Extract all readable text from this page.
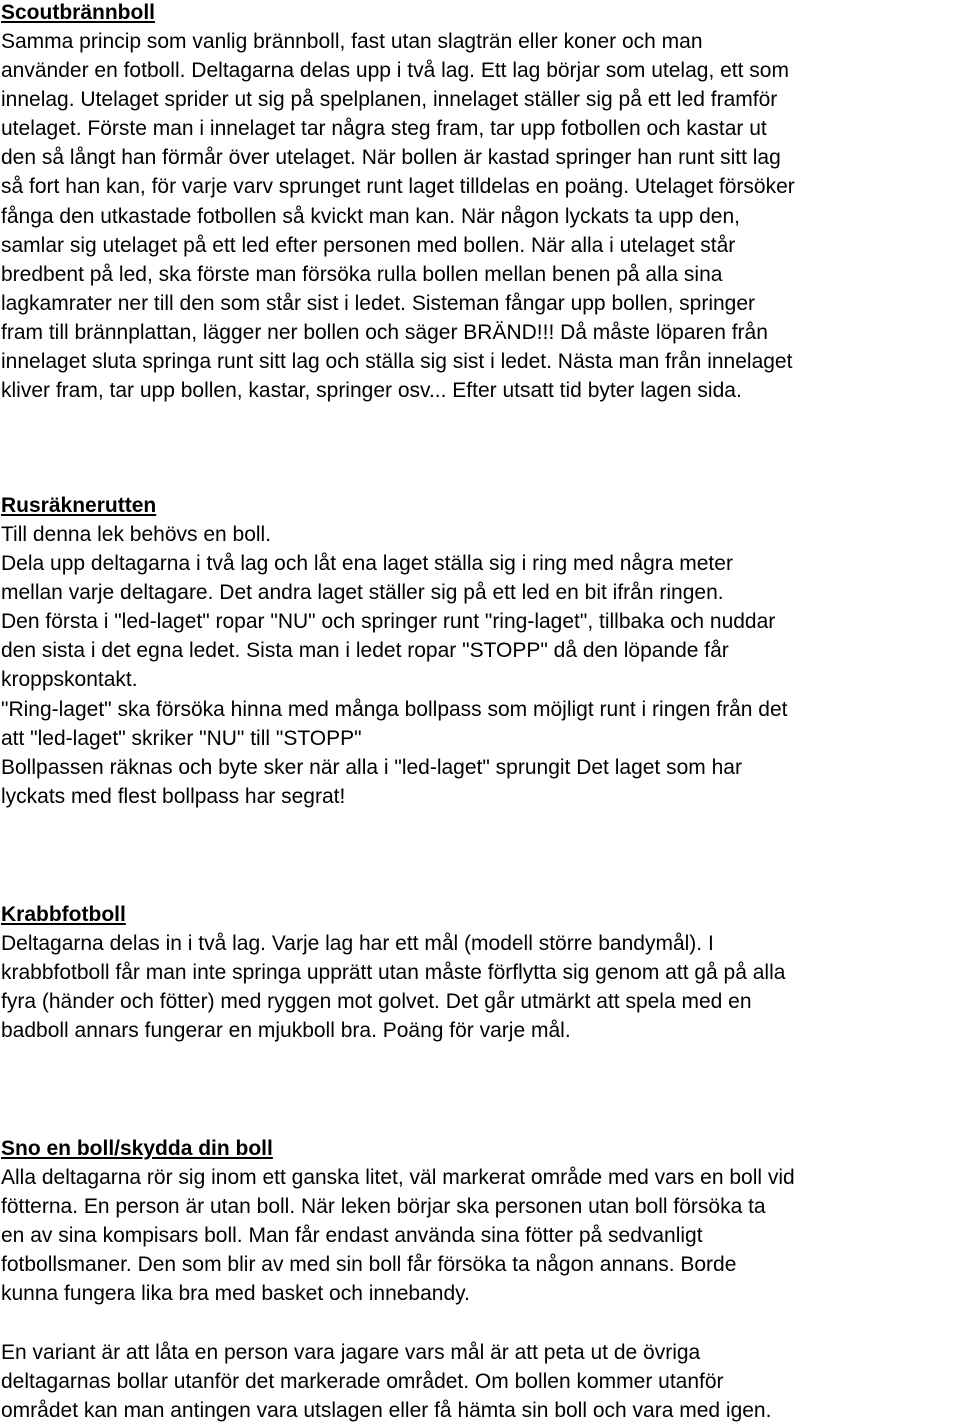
Scoutbrännboll
Samma princip som vanlig brännboll, fast utan slagträn eller koner och man
använder en fotboll. Deltagarna delas upp i två lag. Ett lag börjar som utelag, ett som
innelag. Utelaget sprider ut sig på spelplanen, innelaget ställer sig på ett led framför
utelaget. Förste man i innelaget tar några steg fram, tar upp fotbollen och kastar ut
den så långt han förmår över utelaget. När bollen är kastad springer han runt sitt lag
så fort han kan, för varje varv sprunget runt laget tilldelas en poäng. Utelaget försöker
fånga den utkastade fotbollen så kvickt man kan. När någon lyckats ta upp den,
samlar sig utelaget på ett led efter personen med bollen. När alla i utelaget står
bredbent på led, ska förste man försöka rulla bollen mellan benen på alla sina
lagkamrater ner till den som står sist i ledet. Sisteman fångar upp bollen, springer
fram till brännplattan, lägger ner bollen och säger BRÄND!!! Då måste löparen från
innelaget sluta springa runt sitt lag och ställa sig sist i ledet. Nästa man från innelaget
kliver fram, tar upp bollen, kastar, springer osv... Efter utsatt tid byter lagen sida.
Rusräknerutten
Till denna lek behövs en boll.
Dela upp deltagarna i två lag och låt ena laget ställa sig i ring med några meter
mellan varje deltagare. Det andra laget ställer sig på ett led en bit ifrån ringen.
Den första i "led-laget" ropar "NU" och springer runt "ring-laget", tillbaka och nuddar
den sista i det egna ledet. Sista man i ledet ropar "STOPP" då den löpande får
kroppskontakt.
"Ring-laget" ska försöka hinna med många bollpass som möjligt runt i ringen från det
att "led-laget" skriker "NU" till "STOPP"
Bollpassen räknas och byte sker när alla i "led-laget" sprungit Det laget som har
lyckats med flest bollpass har segrat!
Krabbfotboll
Deltagarna delas in i två lag. Varje lag har ett mål (modell större bandymål). I
krabbfotboll får man inte springa upprätt utan måste förflytta sig genom att gå på alla
fyra (händer och fötter) med ryggen mot golvet. Det går utmärkt att spela med en
badboll annars fungerar en mjukboll bra. Poäng för varje mål.
Sno en boll/skydda din boll
Alla deltagarna rör sig inom ett ganska litet, väl markerat område med vars en boll vid
fötterna. En person är utan boll. När leken börjar ska personen utan boll försöka ta
en av sina kompisars boll. Man får endast använda sina fötter på sedvanligt
fotbollsmaner. Den som blir av med sin boll får försöka ta någon annans. Borde
kunna fungera lika bra med basket och innebandy.
En variant är att låta en person vara jagare vars mål är att peta ut de övriga
deltagarnas bollar utanför det markerade området. Om bollen kommer utanför
området kan man antingen vara utslagen eller få hämta sin boll och vara med igen.
